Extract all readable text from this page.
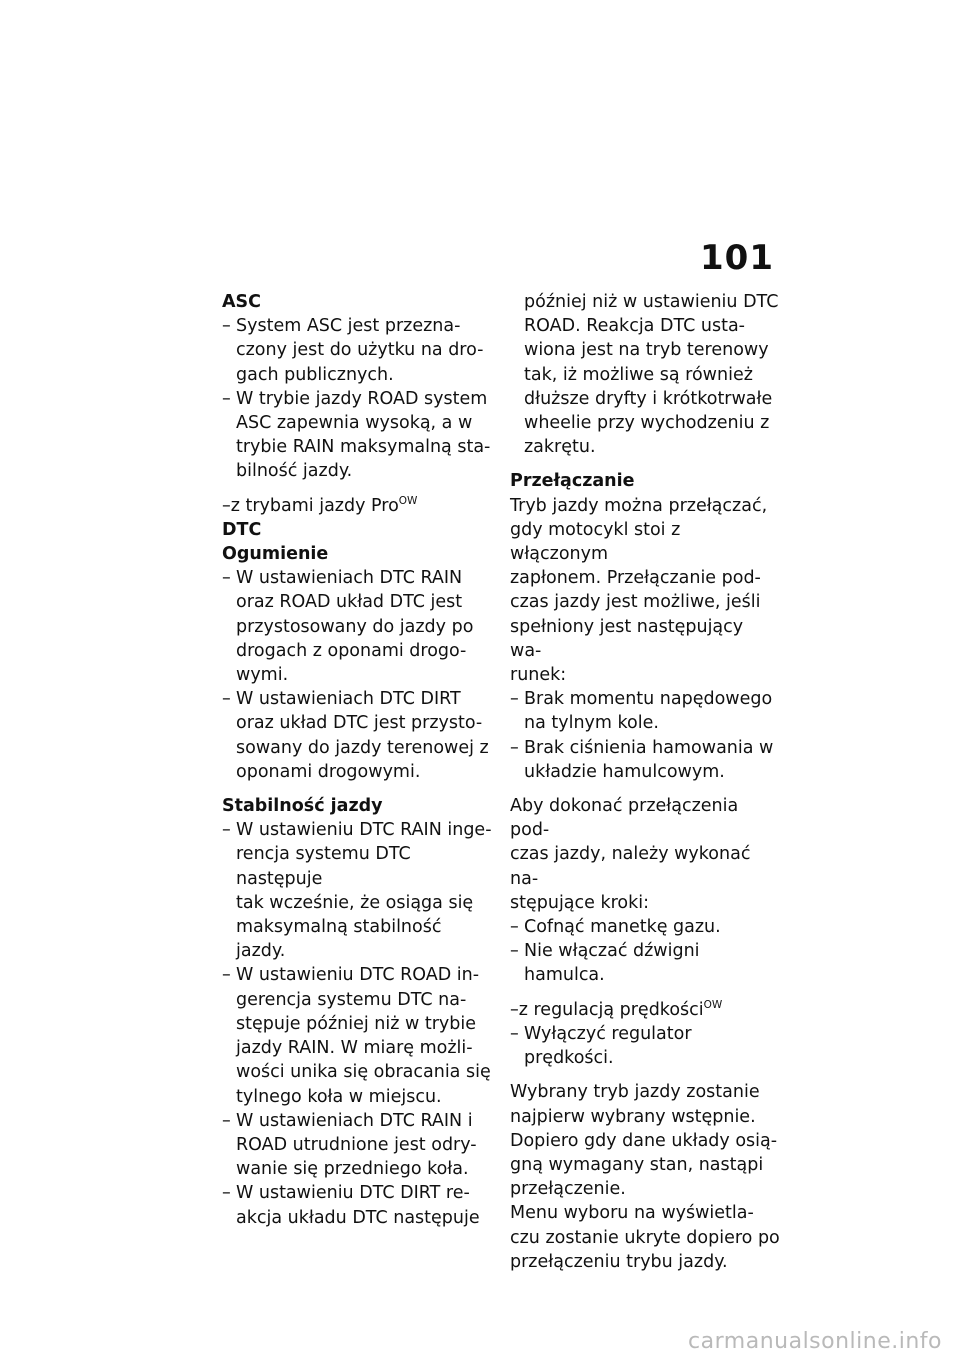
101

ASC

– System ASC jest przezna-
czony jest do użytku na dro-
gach publicznych.
– W trybie jazdy ROAD system
ASC zapewnia wysoką, a w
trybie RAIN maksymalną sta-
bilność jazdy.

–z trybami jazdy Pro$^{OW}$

DTC

Ogumienie

– W ustawieniach DTC RAIN
oraz ROAD układ DTC jest
przystosowany do jazdy po
drogach z oponami drogo-
wymi.
– W ustawieniach DTC DIRT
oraz układ DTC jest przysto-
sowany do jazdy terenowej z
oponami drogowymi.

Stabilność jazdy

– W ustawieniu DTC RAIN inge-
rencja systemu DTC następuje
tak wcześnie, że osiąga się
maksymalną stabilność jazdy.
– W ustawieniu DTC ROAD in-
gerencja systemu DTC na-
stępuje później niż w trybie
jazdy RAIN. W miarę możli-
wości unika się obracania się
tylnego koła w miejscu.
– W ustawieniach DTC RAIN i
ROAD utrudnione jest odry-
wanie się przedniego koła.
– W ustawieniu DTC DIRT re-
akcja układu DTC następuje

później niż w ustawieniu DTC
ROAD. Reakcja DTC usta-
wiona jest na tryb terenowy
tak, iż możliwe są również
dłuższe dryfty i krótkotrwałe
wheelie przy wychodzeniu z
zakrętu.

Przełączanie

Tryb jazdy można przełączać,
gdy motocykl stoi z włączonym
zapłonem. Przełączanie pod-
czas jazdy jest możliwe, jeśli
spełniony jest następujący wa-
runek:

– Brak momentu napędowego
na tylnym kole.
– Brak ciśnienia hamowania w
układzie hamulcowym.

Aby dokonać przełączenia pod-
czas jazdy, należy wykonać na-
stępujące kroki:

– Cofnąć manetkę gazu.
– Nie włączać dźwigni hamulca.

–z regulacją prędkości$^{OW}$

– Wyłączyć regulator prędkości.

Wybrany tryb jazdy zostanie
najpierw wybrany wstępnie.
Dopiero gdy dane układy osią-
gną wymagany stan, nastąpi
przełączenie.
Menu wyboru na wyświetla-
czu zostanie ukryte dopiero po
przełączeniu trybu jazdy.

carmanualsonline.info
